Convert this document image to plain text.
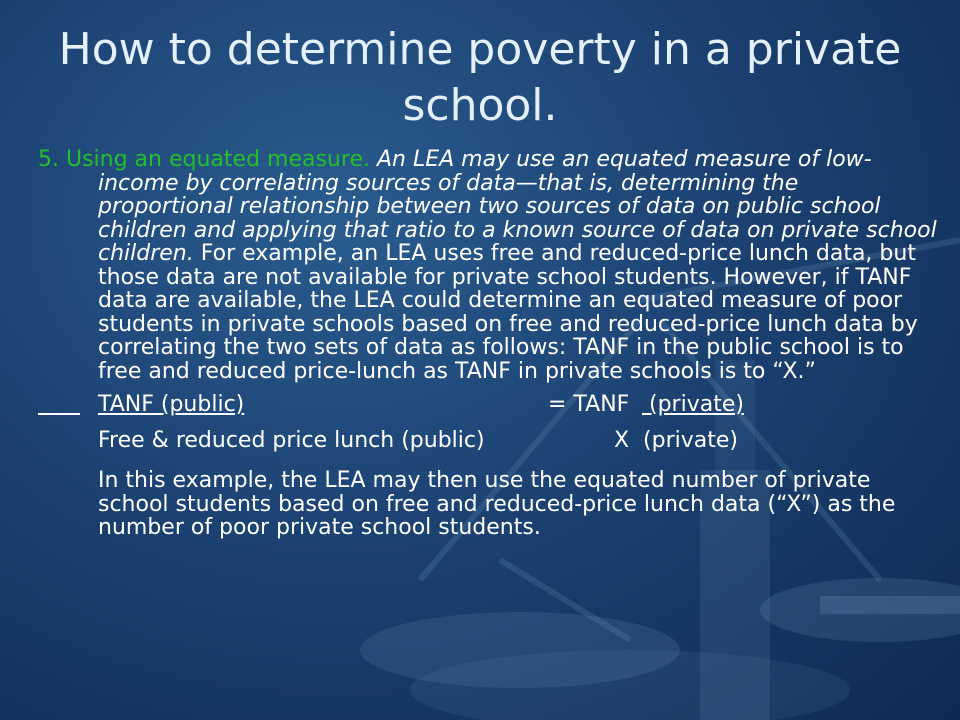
How to determine poverty in a private school.

5. Using an equated measure. An LEA may use an equated measure of low-income by correlating sources of data—that is, determining the proportional relationship between two sources of data on public school children and applying that ratio to a known source of data on private school children. For example, an LEA uses free and reduced-price lunch data, but those data are not available for private school students. However, if TANF data are available, the LEA could determine an equated measure of poor students in private schools based on free and reduced-price lunch data by correlating the two sets of data as follows: TANF in the public school is to free and reduced price-lunch as TANF in private schools is to “X.”

TANF (public)	= TANF (private)
Free & reduced price lunch (public)	X  (private)

In this example, the LEA may then use the equated number of private school students based on free and reduced-price lunch data (“X”) as the number of poor private school students.
